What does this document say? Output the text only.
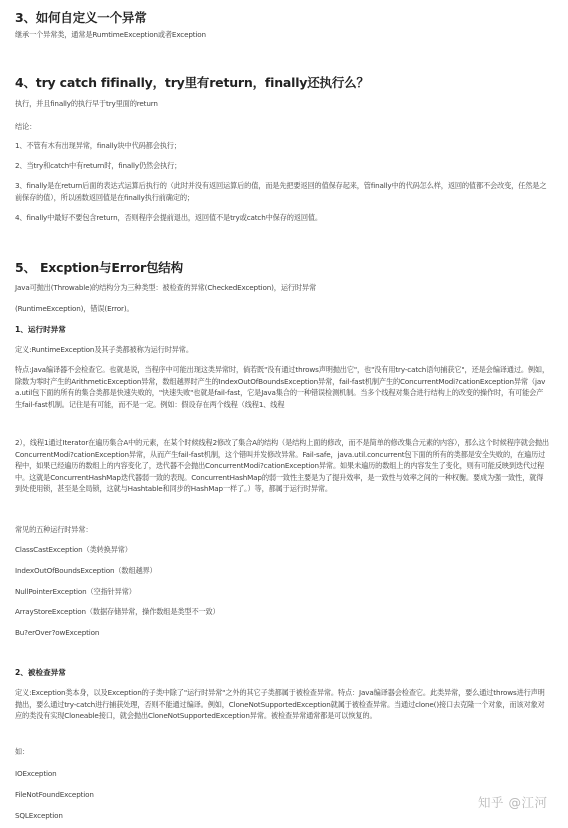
3、如何自定义一个异常
继承一个异常类，通常是RumtimeException或者Exception
4、try catch fifinally，try里有return，finally还执行么？
执行，并且finally的执行早于try里面的return
结论：
1、不管有木有出现异常，finally块中代码都会执行；
2、当try和catch中有return时，finally仍然会执行；
3、finally是在return后面的表达式运算后执行的（此时并没有返回运算后的值，而是先把要返回的值保存起来，管finally中的代码怎么样，返回的值都不会改变，任然是之前保存的值），所以函数返回值是在finally执行前确定的；
4、finally中最好不要包含return，否则程序会提前退出，返回值不是try或catch中保存的返回值。
5、 Excption与Error包结构
Java可抛出(Throwable)的结构分为三种类型：被检查的异常(CheckedException)，运行时异常
(RuntimeException)，错误(Error)。
1、运行时异常
定义:RuntimeException及其子类都被称为运行时异常。
特点:Java编译器不会检查它。也就是说，当程序中可能出现这类异常时，倘若既"没有通过throws声明抛出它"，也"没有用try-catch语句捕获它"，还是会编译通过。例如，除数为零时产生的ArithmeticException异常，数组越界时产生的IndexOutOfBoundsException异常，fail-fast机制产生的ConcurrentModi?cationException异常（java.util包下面的所有的集合类都是快速失败的，"快速失败"也就是fail-fast，它是Java集合的一种错误检测机制。当多个线程对集合进行结构上的改变的操作时，有可能会产生fail-fast机制。记住是有可能，而不是一定。例如：假设存在两个线程（线程1、线程
2），线程1通过Iterator在遍历集合A中的元素，在某个时候线程2修改了集合A的结构（是结构上面的修改，而不是简单的修改集合元素的内容），那么这个时候程序就会抛出ConcurrentModi?cationException异常，从而产生fail-fast机制，这个错叫并发修改异常。Fail-safe，java.util.concurrent包下面的所有的类都是安全失败的，在遍历过程中，如果已经遍历的数组上的内容变化了，迭代器不会抛出ConcurrentModi?cationException异常。如果未遍历的数组上的内容发生了变化，则有可能反映到迭代过程中。这就是ConcurrentHashMap迭代器弱一致的表现。ConcurrentHashMap的弱一致性主要是为了提升效率，是一致性与效率之间的一种权衡。要成为强一致性，就得到处使用锁，甚至是全局锁，这就与Hashtable和同步的HashMap一样了。）等，都属于运行时异常。
常见的五种运行时异常：
ClassCastException（类转换异常）
IndexOutOfBoundsException（数组越界）
NullPointerException（空指针异常）
ArrayStoreException（数据存储异常，操作数组是类型不一致）
Bu?erOver?owException
2、被检查异常
定义:Exception类本身，以及Exception的子类中除了"运行时异常"之外的其它子类都属于被检查异常。特点：Java编译器会检查它。此类异常，要么通过throws进行声明抛出，要么通过try-catch进行捕获处理，否则不能通过编译。例如，CloneNotSupportedException就属于被检查异常。当通过clone()接口去克隆一个对象，而该对象对应的类没有实现Cloneable接口，就会抛出CloneNotSupportedException异常。被检查异常通常都是可以恢复的。
如：
IOException
FileNotFoundException
SQLException
知乎 @江河
